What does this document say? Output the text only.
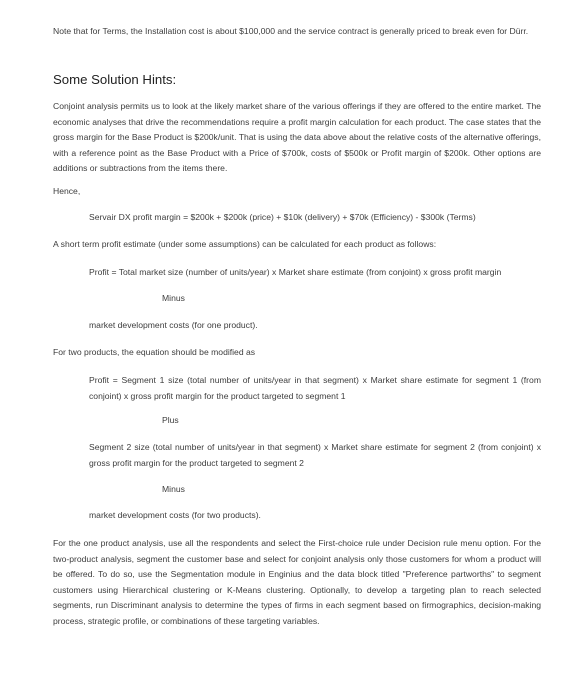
Note that for Terms, the Installation cost is about $100,000 and the service contract is generally priced to break even for Dürr.

Some Solution Hints:

Conjoint analysis permits us to look at the likely market share of the various offerings if they are offered to the entire market. The economic analyses that drive the recommendations require a profit margin calculation for each product. The case states that the gross margin for the Base Product is $200k/unit. That is using the data above about the relative costs of the alternative offerings, with a reference point as the Base Product with a Price of $700k, costs of $500k or Profit margin of $200k. Other options are additions or subtractions from the items there.

Hence,

Servair DX profit margin = $200k + $200k (price) + $10k (delivery) + $70k (Efficiency) - $300k (Terms)

A short term profit estimate (under some assumptions) can be calculated for each product as follows:

Profit = Total market size (number of units/year) x Market share estimate (from conjoint) x gross profit margin

Minus

market development costs (for one product).

For two products, the equation should be modified as

Profit = Segment 1 size (total number of units/year in that segment) x Market share estimate for segment 1 (from conjoint) x gross profit margin for the product targeted to segment 1

Plus

Segment 2 size (total number of units/year in that segment) x Market share estimate for segment 2 (from conjoint) x gross profit margin for the product targeted to segment 2

Minus

market development costs (for two products).

For the one product analysis, use all the respondents and select the First-choice rule under Decision rule menu option. For the two-product analysis, segment the customer base and select for conjoint analysis only those customers for whom a product will be offered. To do so, use the Segmentation module in Enginius and the data block titled "Preference partworths" to segment customers using Hierarchical clustering or K-Means clustering. Optionally, to develop a targeting plan to reach selected segments, run Discriminant analysis to determine the types of firms in each segment based on firmographics, decision-making process, strategic profile, or combinations of these targeting variables.
